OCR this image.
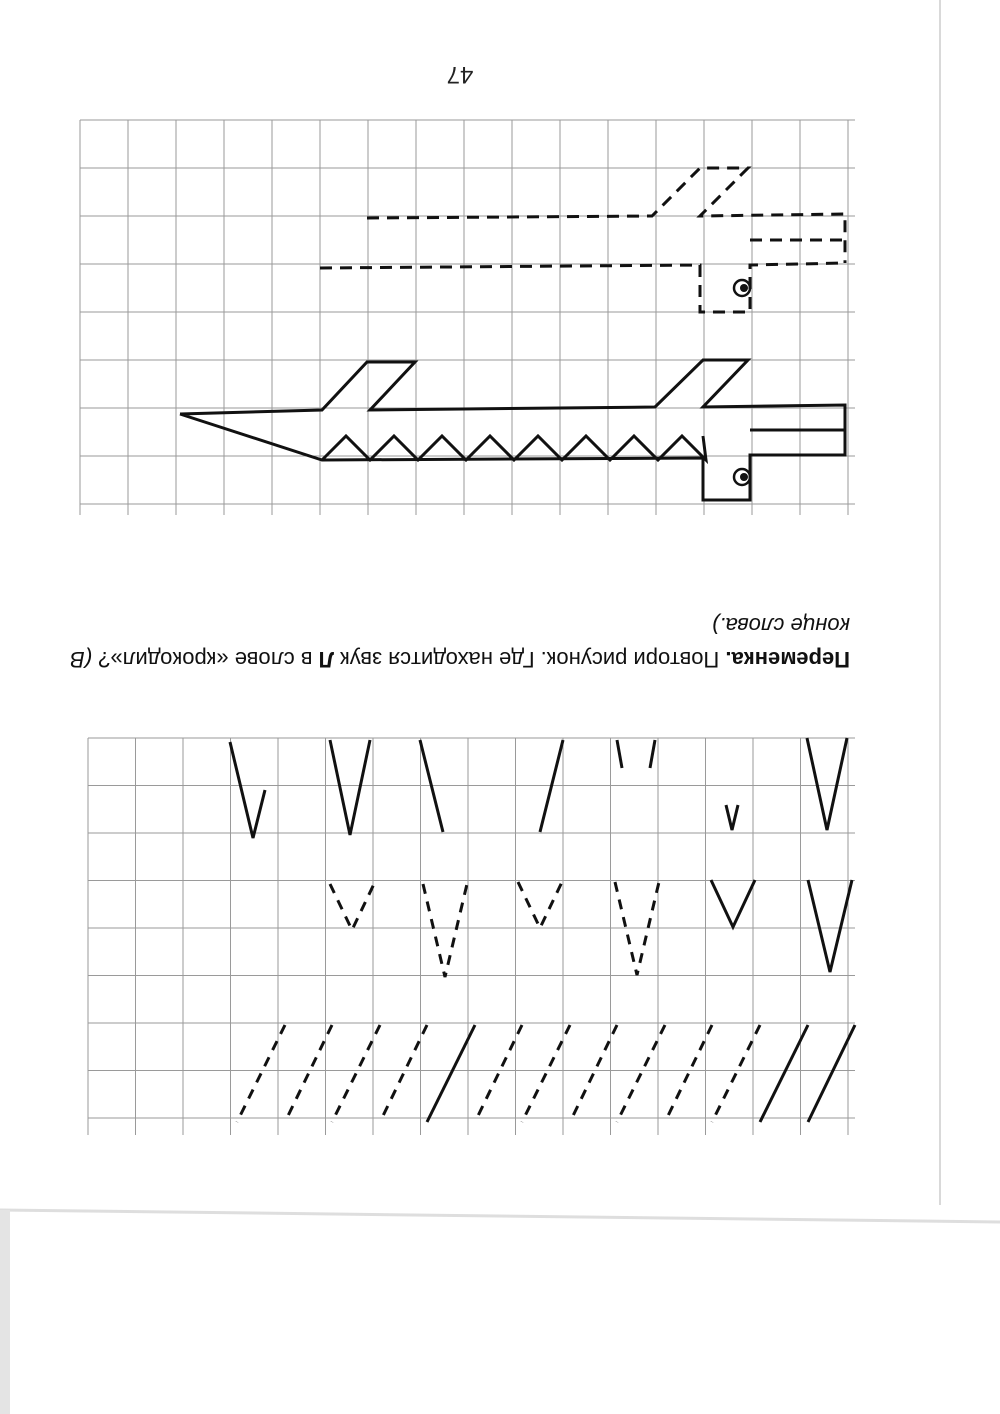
47
Переменка. Повтори рисунок. Где находится звук Л в слове «крокодил»? (В конце слова.)
